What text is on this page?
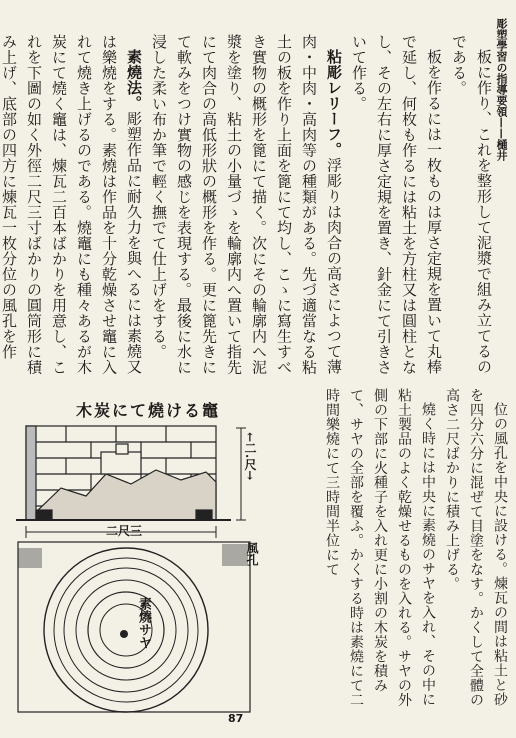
彫塑學習の指導要領——樋井

板に作り、これを整形して泥漿で組み立てるのである。

板を作るには一枚ものは厚さ定規を置いて丸棒で延し、何枚も作るには粘土を方柱又は圓柱となし、その左右に厚さ定規を置き、針金にて引きさいて作る。

粘彫レリーフ。浮彫りは肉合の高さによつて薄肉・中肉・高肉等の種類がある。先づ適當なる粘土の板を作り上面を篦にて均し、こゝに寫生すべき實物の概形を篦にて描く。次にその輪廓内へ泥漿を塗り、粘土の小量づゝを輪廓内へ置いて指先にて肉合の高低形狀の概形を作る。更に篦先きにて軟みをつけ實物の感じを表現する。最後に水に浸した柔い布か筆で輕く撫でて仕上げをする。

素燒法。彫塑作品に耐久力を與へるには素燒又は樂燒をする。素燒は作品を十分乾燥させ竈に入れて燒き上げるのである。燒竈にも種々あるが木炭にて燒く竈は、煉瓦二百本ばかりを用意し、これを下圖の如く外徑二尺三寸ばかりの圓筒形に積み上げ、底部の四方に煉瓦一枚分位の風孔を作

木炭にて燒ける竈
←二.尺→
二尺三
風孔
素燒サヤ	位の風孔を中央に設ける。煉瓦の間は粘土と砂を四分六分に混ぜて目塗をなす。かくして全體の高さ二尺ばかりに積み上げる。

燒く時には中央に素燒のサヤを入れ、その中に粘土製品のよく乾燥せるものを入れる。サヤの外側の下部に火種子を入れ更に小割の木炭を積みて、サヤの全部を覆ふ。かくする時は素燒にて二時間樂燒にて三時間半位にて

87
